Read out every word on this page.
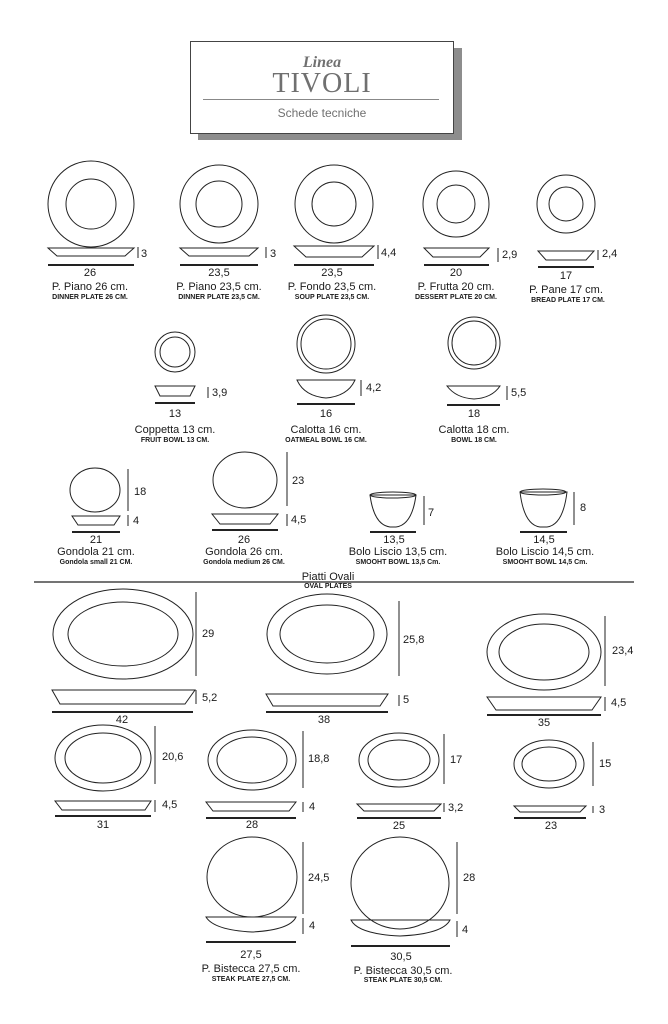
Linea
TIVOLI
Schede tecniche
26
3
P. Piano 26 cm.
DINNER PLATE 26 CM.
23,5
3
P. Piano 23,5 cm.
DINNER PLATE 23,5 CM.
23,5
4,4
P. Fondo 23,5 cm.
SOUP PLATE 23,5 CM.
20
2,9
P. Frutta 20 cm.
DESSERT PLATE 20 CM.
17
2,4
P. Pane 17 cm.
BREAD PLATE 17 CM.
13
3,9
Coppetta 13 cm.
FRUIT BOWL 13 CM.
16
4,2
Calotta 16 cm.
OATMEAL BOWL 16 CM.
18
5,5
Calotta 18 cm.
BOWL 18 CM.
21
18
4
Gondola 21 cm.
Gondola small 21 CM.
26
23
4,5
Gondola 26 cm.
Gondola medium 26 CM.
13,5
7
Bolo Liscio 13,5 cm.
SMOOHT BOWL 13,5 Cm.
14,5
8
Bolo Liscio 14,5 cm.
SMOOHT BOWL 14,5 Cm.
Piatti Ovali
OVAL PLATES
42
29
5,2
38
25,8
5
35
23,4
4,5
31
20,6
4,5
28
18,8
4
25
17
3,2
23
15
3
27,5
24,5
4
P. Bistecca 27,5 cm.
STEAK PLATE 27,5 CM.
30,5
28
4
P. Bistecca 30,5 cm.
STEAK PLATE 30,5 CM.
